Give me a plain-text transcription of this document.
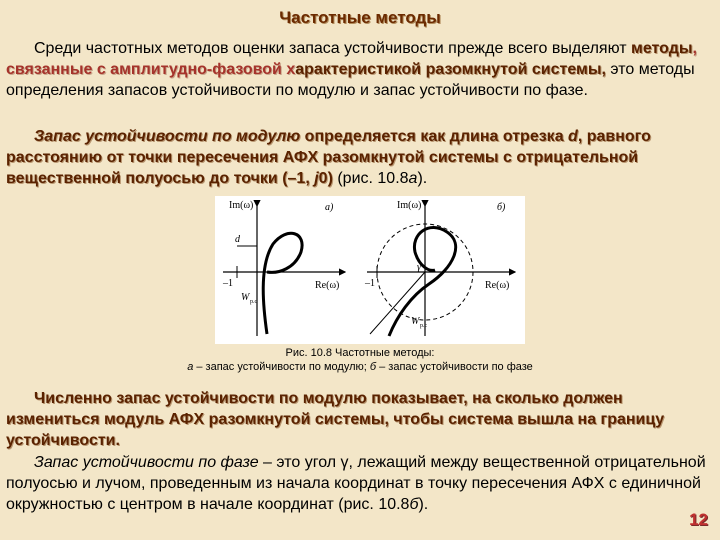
Частотные методы

Среди частотных методов оценки запаса устойчивости прежде всего выделяют методы, связанные с амплитудно-фазовой характеристикой разомкнутой системы, это методы определения запасов устойчивости по модулю и запас устойчивости по фазе.

Запас устойчивости по модулю определяется как длина отрезка d, равного расстоянию от точки пересечения АФХ разомкнутой системы с отрицательной вещественной полуосью до точки (–1, j0) (рис. 10.8а).

Im(ω)
Re(ω)
а)
–1
d
W р.с
Im(ω)
Re(ω)
б)
–1
γ
W р.с
Рис. 10.8 Частотные методы:
а – запас устойчивости по модулю; б – запас устойчивости по фазе

Численно запас устойчивости по модулю показывает, на сколько должен измениться модуль АФХ разомкнутой системы, чтобы система вышла на границу устойчивости.

Запас устойчивости по фазе – это угол γ, лежащий между вещественной отрицательной полуосью и лучом, проведенным из начала координат в точку пересечения АФХ с единичной окружностью с центром в начале координат (рис. 10.8б).

12
